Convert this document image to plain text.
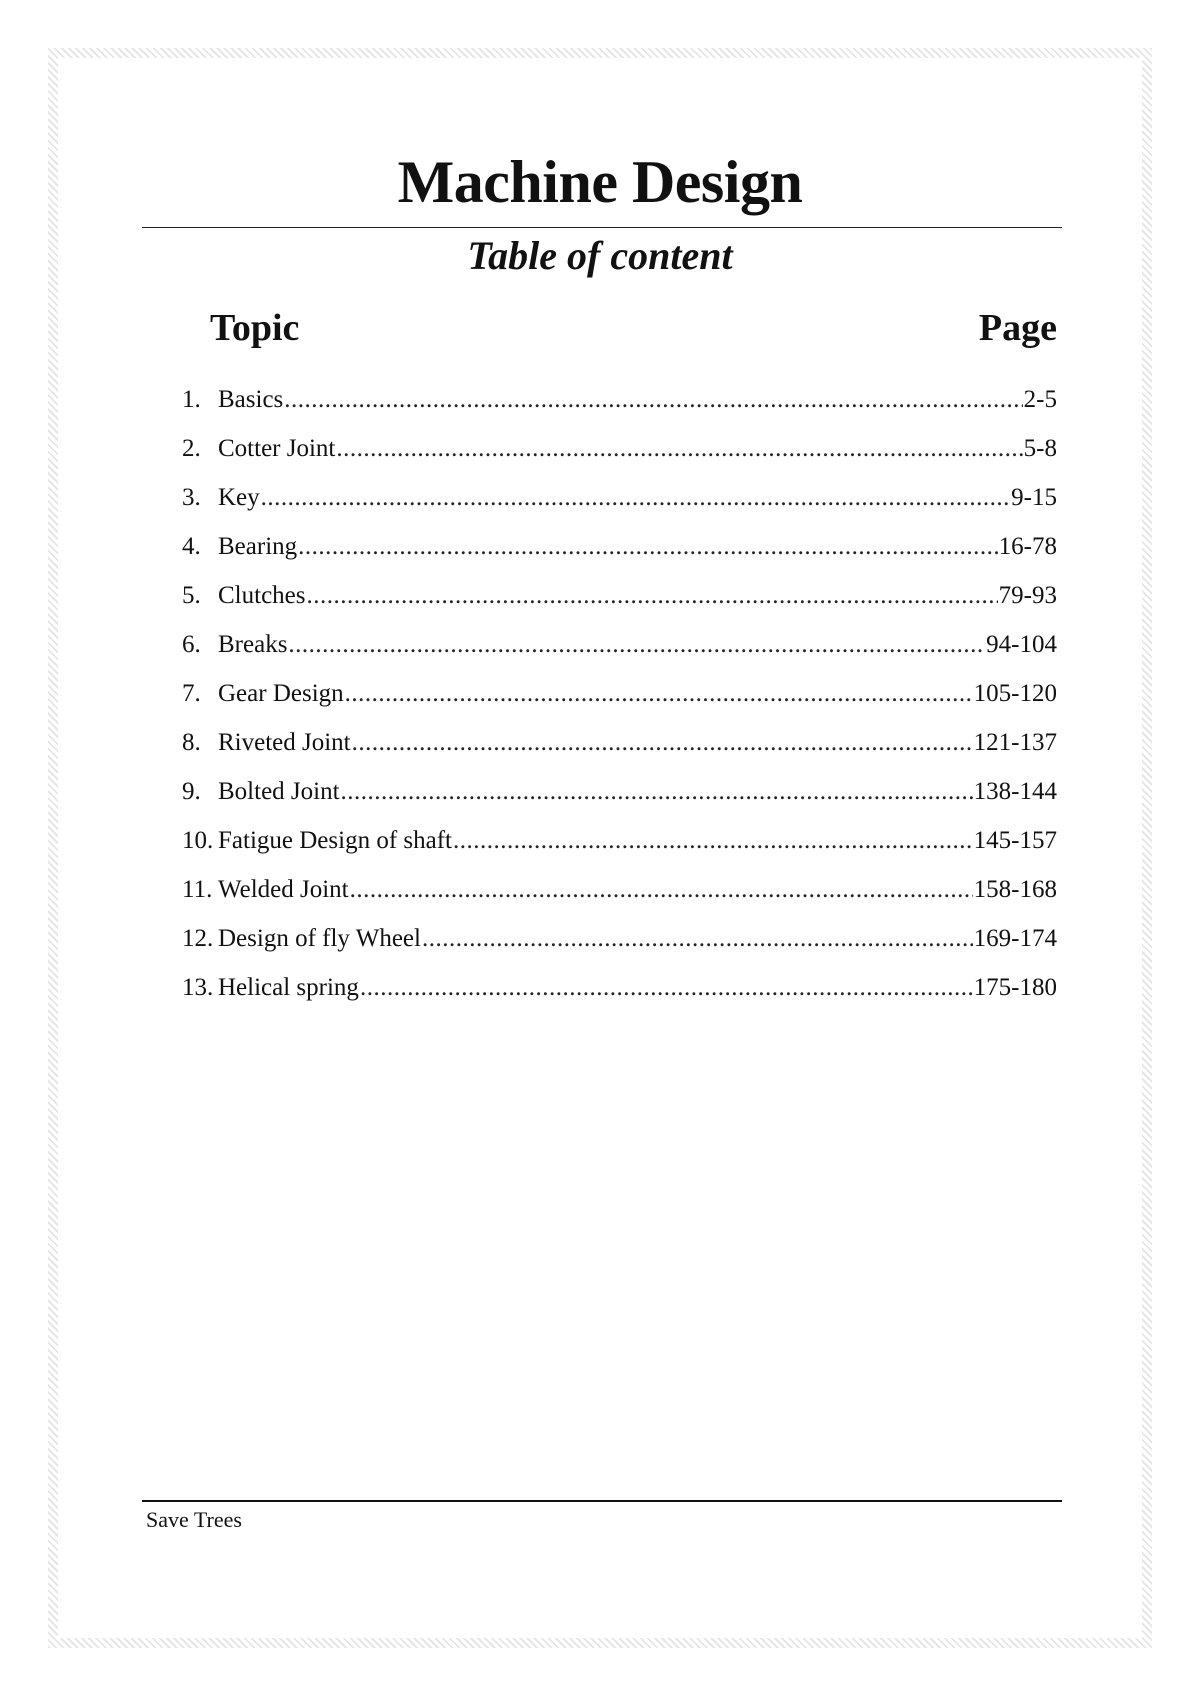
Machine Design
Table of content
Topic	Page
1. Basics .....	2-5
2. Cotter Joint .....	5-8
3. Key .....	9-15
4. Bearing .....	16-78
5. Clutches .....	79-93
6. Breaks .....	94-104
7. Gear Design .....	105-120
8. Riveted Joint .....	121-137
9. Bolted Joint .....	138-144
10. Fatigue Design of shaft .....	145-157
11. Welded Joint .....	158-168
12. Design of fly Wheel .....	169-174
13. Helical spring .....	175-180
Save Trees
